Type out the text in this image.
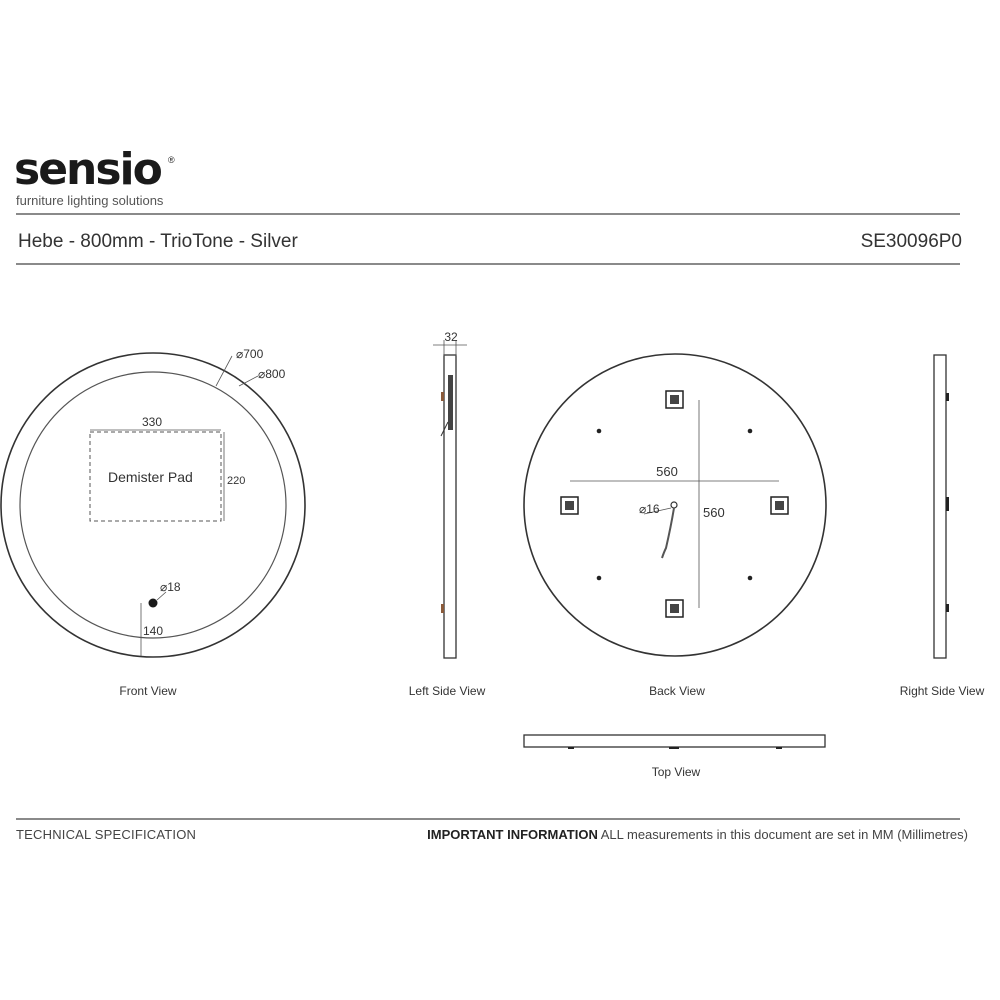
sensio ®
furniture lighting solutions
Hebe - 800mm - TrioTone - Silver	SE30096P0
⌀700
⌀800
330
220
Demister Pad
⌀18
140
Front View
32
Left Side View
560
560
⌀16
Back View	Right Side View
Top View
TECHNICAL SPECIFICATION	IMPORTANT INFORMATION ALL measurements in this document are set in MM (Millimetres)
